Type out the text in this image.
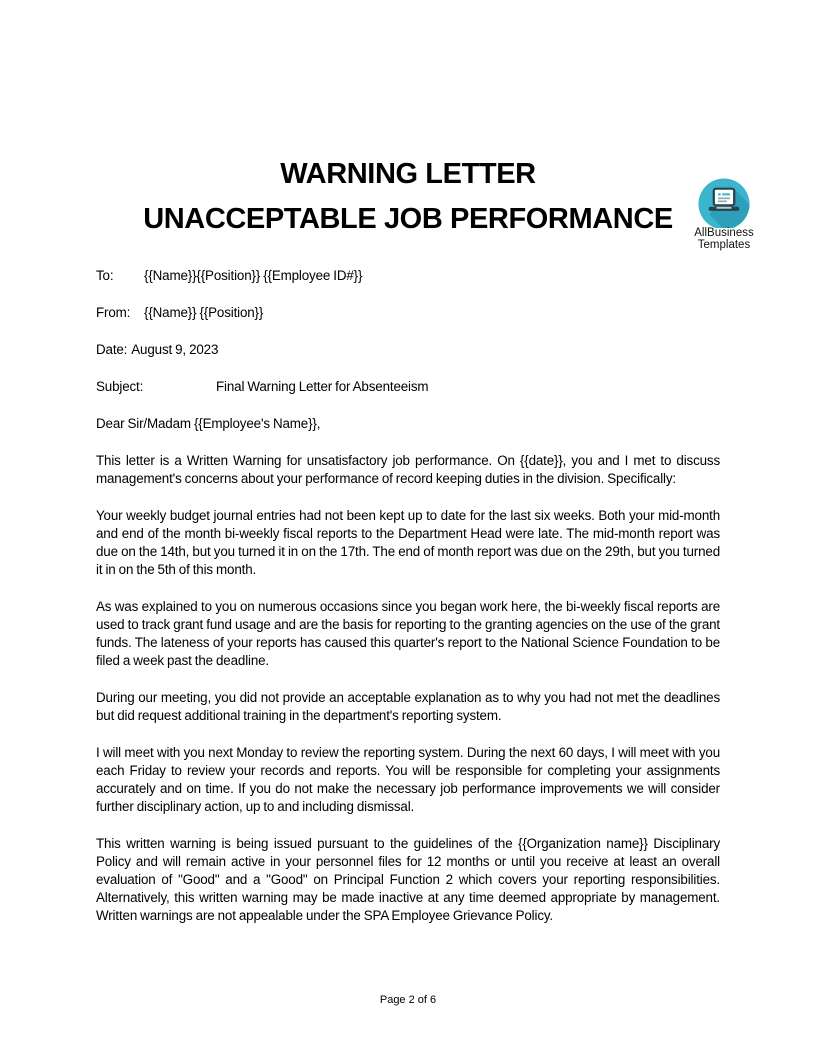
WARNING LETTER
UNACCEPTABLE JOB PERFORMANCE	AllBusiness
Templates
To:	{{Name}}{{Position}} {{Employee ID#}}
From:	{{Name}} {{Position}}
Date: August 9, 2023
Subject:	Final Warning Letter for Absenteeism
Dear Sir/Madam {{Employee's Name}},

This letter is a Written Warning for unsatisfactory job performance. On {{date}}, you and I met to discuss management's concerns about your performance of record keeping duties in the division. Specifically:

Your weekly budget journal entries had not been kept up to date for the last six weeks. Both your mid-month and end of the month bi-weekly fiscal reports to the Department Head were late. The mid-month report was due on the 14th, but you turned it in on the 17th. The end of month report was due on the 29th, but you turned it in on the 5th of this month.

As was explained to you on numerous occasions since you began work here, the bi-weekly fiscal reports are used to track grant fund usage and are the basis for reporting to the granting agencies on the use of the grant funds. The lateness of your reports has caused this quarter's report to the National Science Foundation to be filed a week past the deadline.

During our meeting, you did not provide an acceptable explanation as to why you had not met the deadlines but did request additional training in the department's reporting system.

I will meet with you next Monday to review the reporting system. During the next 60 days, I will meet with you each Friday to review your records and reports. You will be responsible for completing your assignments accurately and on time. If you do not make the necessary job performance improvements we will consider further disciplinary action, up to and including dismissal.

This written warning is being issued pursuant to the guidelines of the {{Organization name}} Disciplinary Policy and will remain active in your personnel files for 12 months or until you receive at least an overall evaluation of "Good" and a "Good" on Principal Function 2 which covers your reporting responsibilities. Alternatively, this written warning may be made inactive at any time deemed appropriate by management. Written warnings are not appealable under the SPA Employee Grievance Policy.

Page 2 of 6
